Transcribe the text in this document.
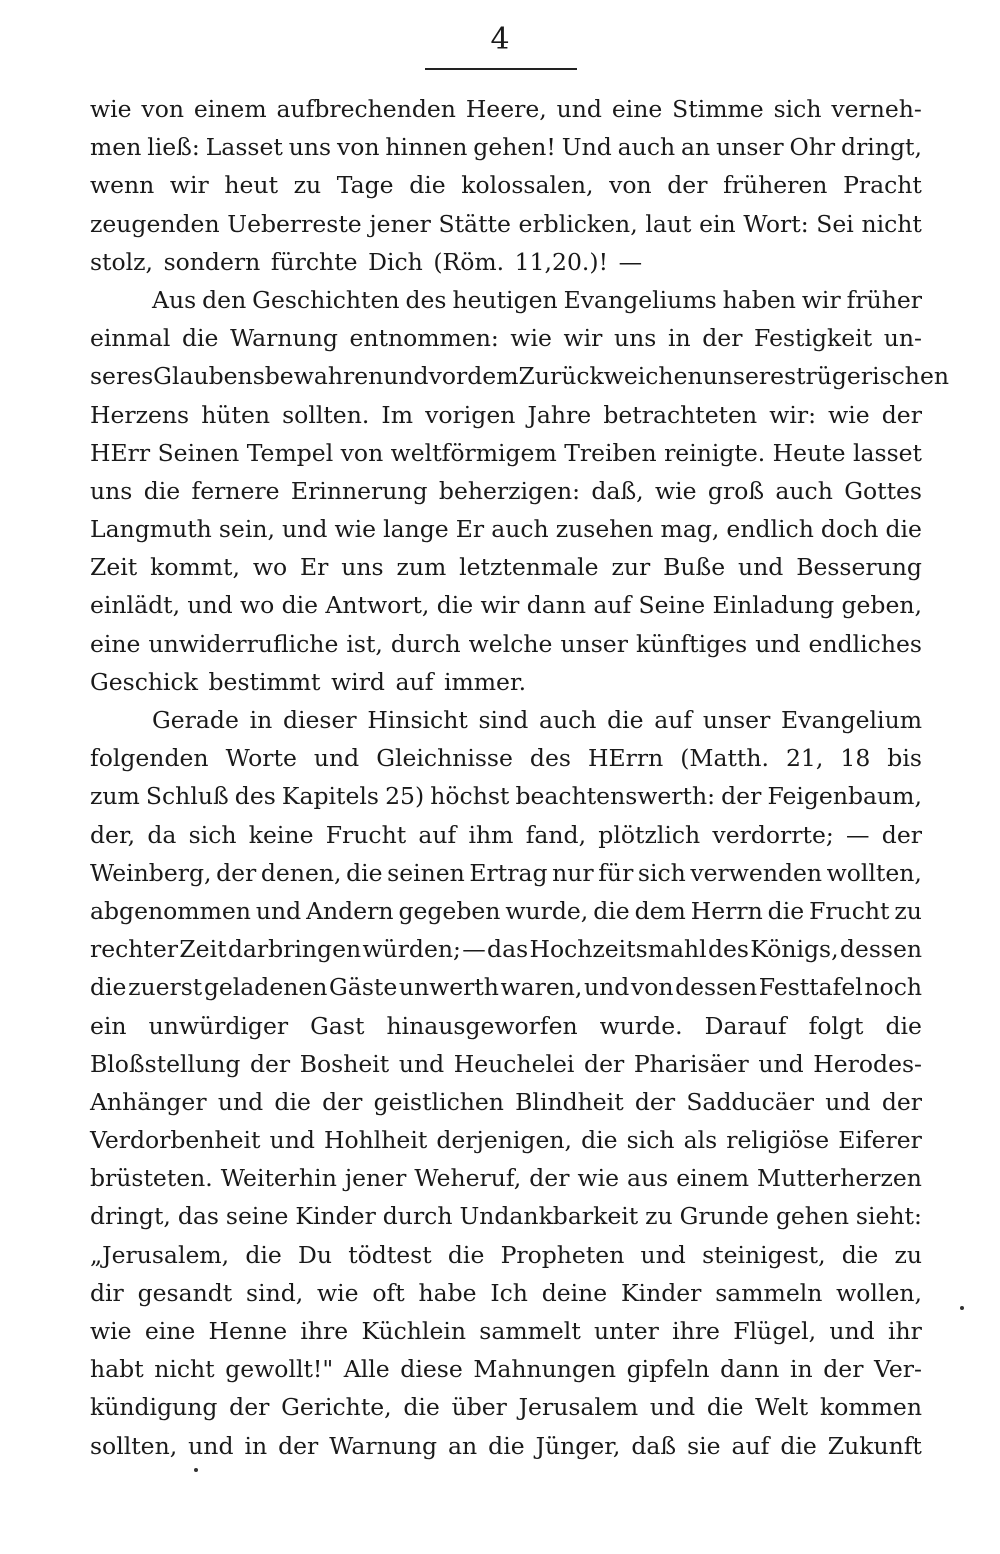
4
wie von einem aufbrechenden Heere, und eine Stimme sich verneh-
men ließ: Lasset uns von hinnen gehen! Und auch an unser Ohr dringt,
wenn wir heut zu Tage die kolossalen, von der früheren Pracht
zeugenden Ueberreste jener Stätte erblicken, laut ein Wort: Sei nicht
stolz, sondern fürchte Dich (Röm. 11,20.)! —
Aus den Geschichten des heutigen Evangeliums haben wir früher
einmal die Warnung entnommen: wie wir uns in der Festigkeit un-
seres Glaubens bewahren und vor dem Zurückweichen unseres trügerischen
Herzens hüten sollten. Im vorigen Jahre betrachteten wir: wie der
HErr Seinen Tempel von weltförmigem Treiben reinigte. Heute lasset
uns die fernere Erinnerung beherzigen: daß, wie groß auch Gottes
Langmuth sein, und wie lange Er auch zusehen mag, endlich doch die
Zeit kommt, wo Er uns zum letztenmale zur Buße und Besserung
einlädt, und wo die Antwort, die wir dann auf Seine Einladung geben,
eine unwiderrufliche ist, durch welche unser künftiges und endliches
Geschick bestimmt wird auf immer.
Gerade in dieser Hinsicht sind auch die auf unser Evangelium
folgenden Worte und Gleichnisse des HErrn (Matth. 21, 18 bis
zum Schluß des Kapitels 25) höchst beachtenswerth: der Feigenbaum,
der, da sich keine Frucht auf ihm fand, plötzlich verdorrte; — der
Weinberg, der denen, die seinen Ertrag nur für sich verwenden wollten,
abgenommen und Andern gegeben wurde, die dem Herrn die Frucht zu
rechter Zeit darbringen würden; — das Hochzeitsmahl des Königs, dessen
die zuerst geladenen Gäste unwerth waren, und von dessen Festtafel noch
ein unwürdiger Gast hinausgeworfen wurde. Darauf folgt die
Bloßstellung der Bosheit und Heuchelei der Pharisäer und Herodes-
Anhänger und die der geistlichen Blindheit der Sadducäer und der
Verdorbenheit und Hohlheit derjenigen, die sich als religiöse Eiferer
brüsteten. Weiterhin jener Weheruf, der wie aus einem Mutterherzen
dringt, das seine Kinder durch Undankbarkeit zu Grunde gehen sieht:
„Jerusalem, die Du tödtest die Propheten und steinigest, die zu
dir gesandt sind, wie oft habe Ich deine Kinder sammeln wollen,
wie eine Henne ihre Küchlein sammelt unter ihre Flügel, und ihr
habt nicht gewollt!" Alle diese Mahnungen gipfeln dann in der Ver-
kündigung der Gerichte, die über Jerusalem und die Welt kommen
sollten, und in der Warnung an die Jünger, daß sie auf die Zukunft
